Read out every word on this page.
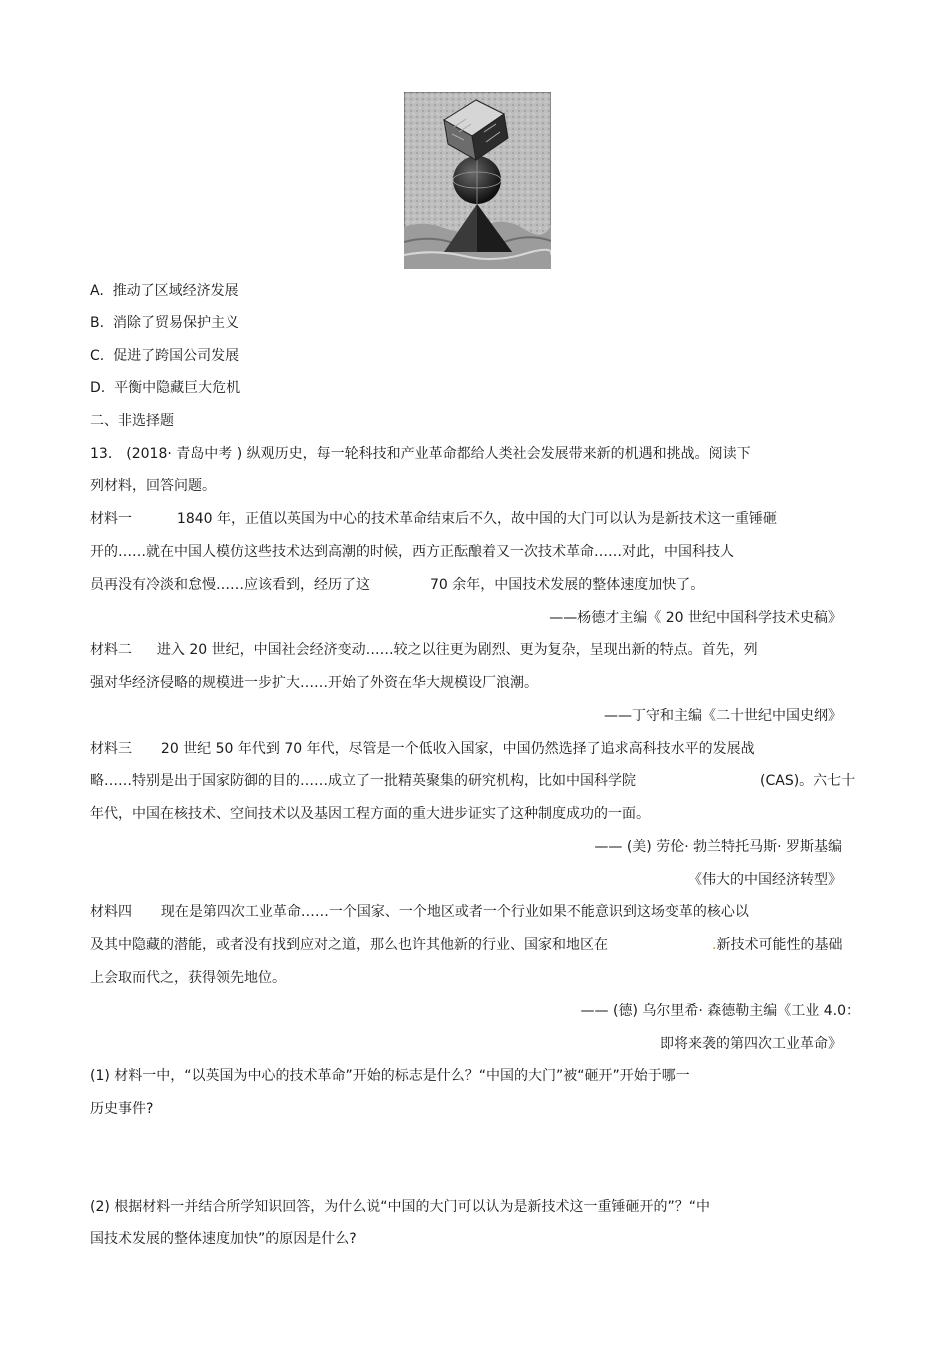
A. 推动了区域经济发展
B. 消除了贸易保护主义
C. 促进了跨国公司发展
D. 平衡中隐藏巨大危机
二、非选择题
13． (2018· 青岛中考 ) 纵观历史，每一轮科技和产业革命都给人类社会发展带来新的机遇和挑战。阅读下
列材料，回答问题。
材料一	1840 年，正值以英国为中心的技术革命结束后不久，故中国的大门可以认为是新技术这一重锤砸
开的……就在中国人模仿这些技术达到高潮的时候，西方正酝酿着又一次技术革命……对此，中国科技人
员再没有冷淡和怠慢……应该看到，经历了这	70 余年，中国技术发展的整体速度加快了。
——杨德才主编《 20 世纪中国科学技术史稿》
材料二 进入 20 世纪，中国社会经济变动……较之以往更为剧烈、更为复杂，呈现出新的特点。首先，列
强对华经济侵略的规模进一步扩大……开始了外资在华大规模设厂浪潮。
——丁守和主编《二十世纪中国史纲》
材料三 20 世纪 50 年代到 70 年代，尽管是一个低收入国家，中国仍然选择了追求高科技水平的发展战
略……特别是出于国家防御的目的……成立了一批精英聚集的研究机构，比如中国科学院	(CAS)。六七十
年代，中国在核技术、空间技术以及基因工程方面的重大进步证实了这种制度成功的一面。
—— (美) 劳伦· 勃兰特托马斯· 罗斯基编
《伟大的中国经济转型》
材料四 现在是第四次工业革命……一个国家、一个地区或者一个行业如果不能意识到这场变革的核心以
及其中隐藏的潜能，或者没有找到应对之道，那么也许其他新的行业、国家和地区在	.新技术可能性的基础
上会取而代之，获得领先地位。
—— (德) 乌尔里希· 森德勒主编《工业 4.0：
即将来袭的第四次工业革命》
(1) 材料一中，“以英国为中心的技术革命”开始的标志是什么？“中国的大门”被“砸开”开始于哪一
历史事件?
(2) 根据材料一并结合所学知识回答，为什么说“中国的大门可以认为是新技术这一重锤砸开的”？“中
国技术发展的整体速度加快”的原因是什么?
